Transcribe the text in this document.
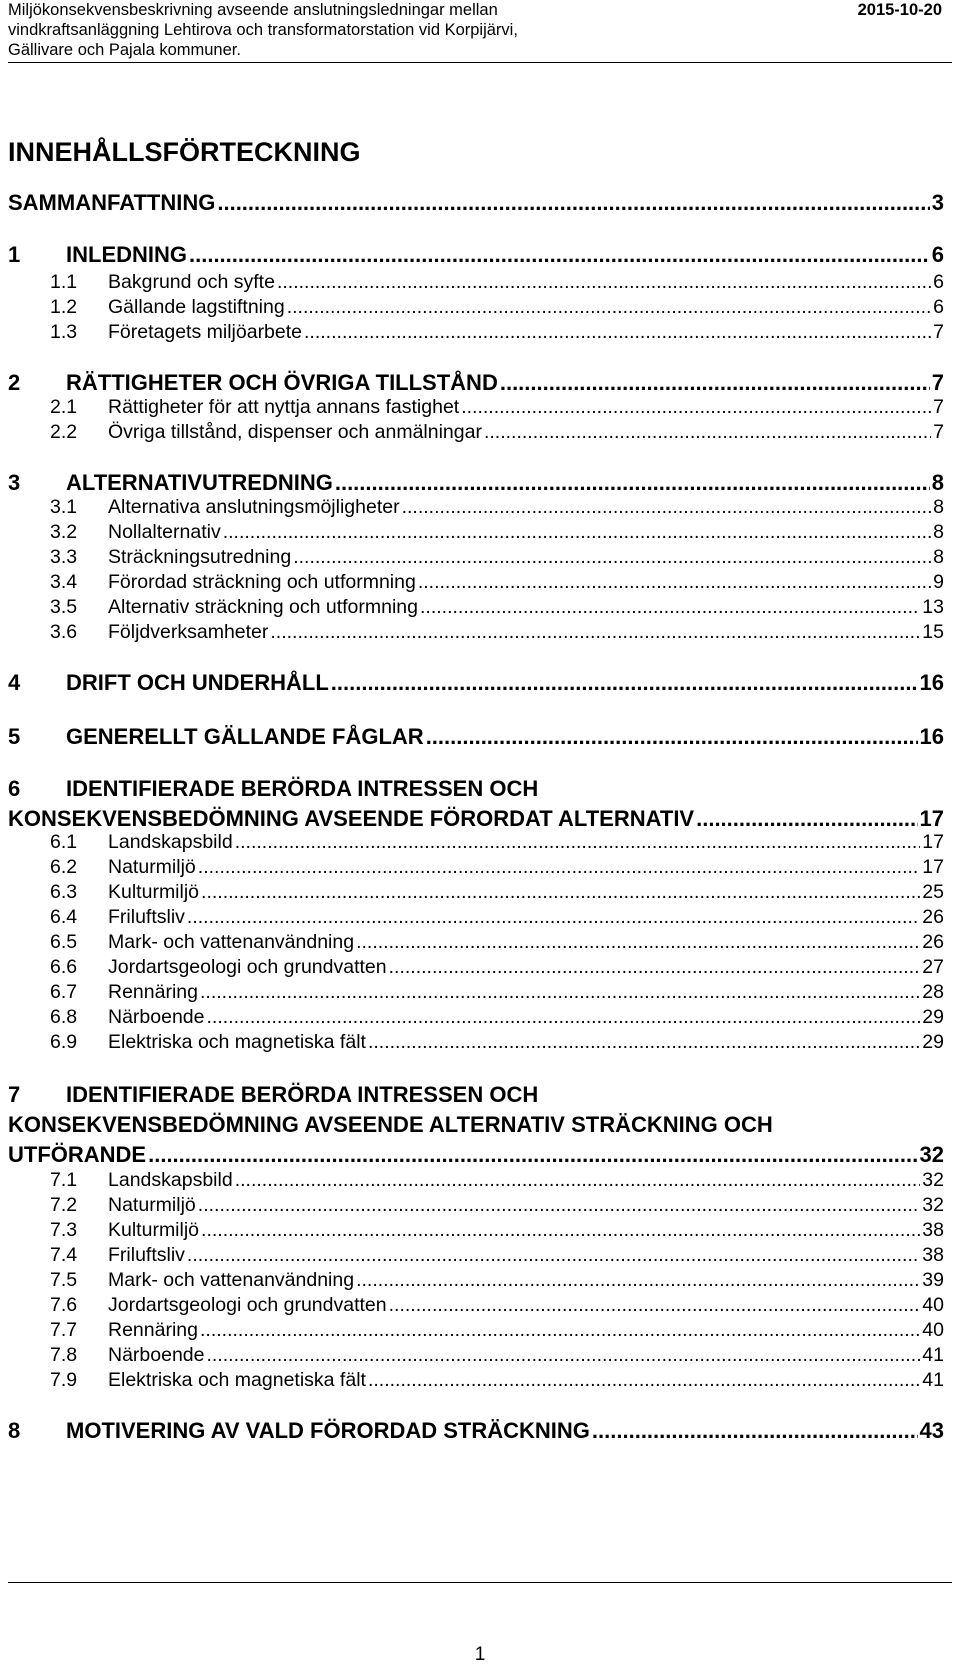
Miljökonsekvensbeskrivning avseende anslutningsledningar mellan
vindkraftsanläggning Lehtirova och transformatorstation vid Korpijärvi,
Gällivare och Pajala kommuner.
2015-10-20
INNEHÅLLSFÖRTECKNING
SAMMANFATTNING .....	3
1	INLEDNING .....	6
1.1	Bakgrund och syfte .....	6
1.2	Gällande lagstiftning .....	6
1.3	Företagets miljöarbete .....	7
2	RÄTTIGHETER OCH ÖVRIGA TILLSTÅND .....	7
2.1	Rättigheter för att nyttja annans fastighet .....	7
2.2	Övriga tillstånd, dispenser och anmälningar .....	7
3	ALTERNATIVUTREDNING .....	8
3.1	Alternativa anslutningsmöjligheter .....	8
3.2	Nollalternativ .....	8
3.3	Sträckningsutredning .....	8
3.4	Förordad sträckning och utformning .....	9
3.5	Alternativ sträckning och utformning .....	13
3.6	Följdverksamheter .....	15
4	DRIFT OCH UNDERHÅLL .....	16
5	GENERELLT GÄLLANDE FÅGLAR .....	16
6	IDENTIFIERADE BERÖRDA INTRESSEN OCH
KONSEKVENSBEDÖMNING AVSEENDE FÖRORDAT ALTERNATIV .....	17
6.1	Landskapsbild .....	17
6.2	Naturmiljö .....	17
6.3	Kulturmiljö .....	25
6.4	Friluftsliv .....	26
6.5	Mark- och vattenanvändning .....	26
6.6	Jordartsgeologi och grundvatten .....	27
6.7	Rennäring .....	28
6.8	Närboende .....	29
6.9	Elektriska och magnetiska fält .....	29
7	IDENTIFIERADE BERÖRDA INTRESSEN OCH
KONSEKVENSBEDÖMNING AVSEENDE ALTERNATIV STRÄCKNING OCH
UTFÖRANDE .....	32
7.1	Landskapsbild .....	32
7.2	Naturmiljö .....	32
7.3	Kulturmiljö .....	38
7.4	Friluftsliv .....	38
7.5	Mark- och vattenanvändning .....	39
7.6	Jordartsgeologi och grundvatten .....	40
7.7	Rennäring .....	40
7.8	Närboende .....	41
7.9	Elektriska och magnetiska fält .....	41
8	MOTIVERING AV VALD FÖRORDAD STRÄCKNING .....	43
1
